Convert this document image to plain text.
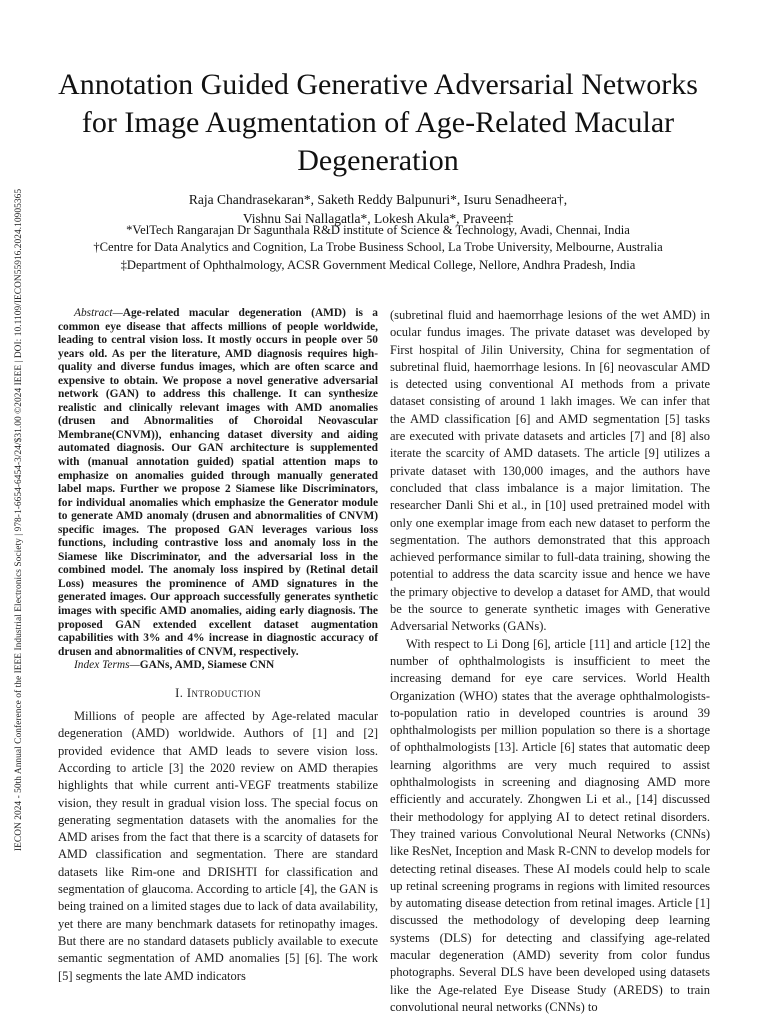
IECON 2024 - 50th Annual Conference of the IEEE Industrial Electronics Society | 978-1-6654-6454-3/24/$31.00 ©2024 IEEE | DOI: 10.1109/IECON55916.2024.10905365
Annotation Guided Generative Adversarial Networks for Image Augmentation of Age-Related Macular Degeneration
Raja Chandrasekaran*, Saketh Reddy Balpunuri*, Isuru Senadheera†,
Vishnu Sai Nallagatla*, Lokesh Akula*, Praveen‡
*VelTech Rangarajan Dr Sagunthala R&D institute of Science & Technology, Avadi, Chennai, India
†Centre for Data Analytics and Cognition, La Trobe Business School, La Trobe University, Melbourne, Australia
‡Department of Ophthalmology, ACSR Government Medical College, Nellore, Andhra Pradesh, India

Abstract—Age-related macular degeneration (AMD) is a common eye disease that affects millions of people worldwide, leading to central vision loss. It mostly occurs in people over 50 years old. As per the literature, AMD diagnosis requires high-quality and diverse fundus images, which are often scarce and expensive to obtain. We propose a novel generative adversarial network (GAN) to address this challenge. It can synthesize realistic and clinically relevant images with AMD anomalies (drusen and Abnormalities of Choroidal Neovascular Membrane(CNVM)), enhancing dataset diversity and aiding automated diagnosis. Our GAN architecture is supplemented with (manual annotation guided) spatial attention maps to emphasize on anomalies guided through manually generated label maps. Further we propose 2 Siamese like Discriminators, for individual anomalies which emphasize the Generator module to generate AMD anomaly (drusen and abnormalities of CNVM) specific images. The proposed GAN leverages various loss functions, including contrastive loss and anomaly loss in the Siamese like Discriminator, and the adversarial loss in the combined model. The anomaly loss inspired by (Retinal detail Loss) measures the prominence of AMD signatures in the generated images. Our approach successfully generates synthetic images with specific AMD anomalies, aiding early diagnosis. The proposed GAN extended excellent dataset augmentation capabilities with 3% and 4% increase in diagnostic accuracy of drusen and abnormalities of CNVM, respectively.

Index Terms—GANs, AMD, Siamese CNN

I. Introduction

Millions of people are affected by Age-related macular degeneration (AMD) worldwide. Authors of [1] and [2] provided evidence that AMD leads to severe vision loss. According to article [3] the 2020 review on AMD therapies highlights that while current anti-VEGF treatments stabilize vision, they result in gradual vision loss. The special focus on generating segmentation datasets with the anomalies for the AMD arises from the fact that there is a scarcity of datasets for AMD classification and segmentation. There are standard datasets like Rim-one and DRISHTI for classification and segmentation of glaucoma. According to article [4], the GAN is being trained on a limited stages due to lack of data availability, yet there are many benchmark datasets for retinopathy images. But there are no standard datasets publicly available to execute semantic segmentation of AMD anomalies [5] [6]. The work [5] segments the late AMD indicators

(subretinal fluid and haemorrhage lesions of the wet AMD) in ocular fundus images. The private dataset was developed by First hospital of Jilin University, China for segmentation of subretinal fluid, haemorrhage lesions. In [6] neovascular AMD is detected using conventional AI methods from a private dataset consisting of around 1 lakh images. We can infer that the AMD classification [6] and AMD segmentation [5] tasks are executed with private datasets and articles [7] and [8] also iterate the scarcity of AMD datasets. The article [9] utilizes a private dataset with 130,000 images, and the authors have concluded that class imbalance is a major limitation. The researcher Danli Shi et al., in [10] used pretrained model with only one exemplar image from each new dataset to perform the segmentation. The authors demonstrated that this approach achieved performance similar to full-data training, showing the potential to address the data scarcity issue and hence we have the primary objective to develop a dataset for AMD, that would be the source to generate synthetic images with Generative Adversarial Networks (GANs).

With respect to Li Dong [6], article [11] and article [12] the number of ophthalmologists is insufficient to meet the increasing demand for eye care services. World Health Organization (WHO) states that the average ophthalmologists-to-population ratio in developed countries is around 39 ophthalmologists per million population so there is a shortage of ophthalmologists [13]. Article [6] states that automatic deep learning algorithms are very much required to assist ophthalmologists in screening and diagnosing AMD more efficiently and accurately. Zhongwen Li et al., [14] discussed their methodology for applying AI to detect retinal disorders. They trained various Convolutional Neural Networks (CNNs) like ResNet, Inception and Mask R-CNN to develop models for detecting retinal diseases. These AI models could help to scale up retinal screening programs in regions with limited resources by automating disease detection from retinal images. Article [1] discussed the methodology of developing deep learning systems (DLS) for detecting and classifying age-related macular degeneration (AMD) severity from color fundus photographs. Several DLS have been developed using datasets like the Age-related Eye Disease Study (AREDS) to train convolutional neural networks (CNNs) to
